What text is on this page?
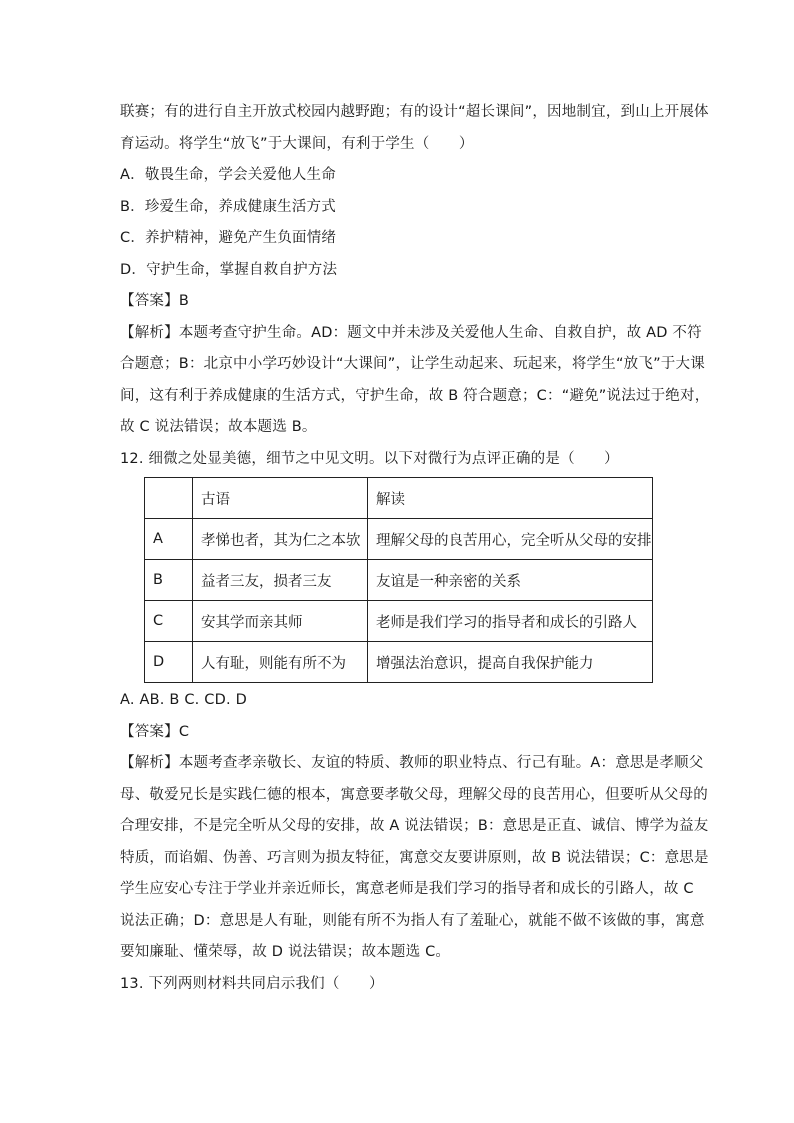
联赛；有的进行自主开放式校园内越野跑；有的设计“超长课间”，因地制宜，到山上开展体
育运动。将学生“放飞”于大课间，有利于学生（　　）
A．敬畏生命，学会关爱他人生命
B．珍爱生命，养成健康生活方式
C．养护精神，避免产生负面情绪
D．守护生命，掌握自救自护方法
【答案】B
【解析】本题考查守护生命。AD：题文中并未涉及关爱他人生命、自救自护，故 AD 不符
合题意；B：北京中小学巧妙设计“大课间”，让学生动起来、玩起来，将学生“放飞”于大课
间，这有利于养成健康的生活方式，守护生命，故 B 符合题意；C：“避免”说法过于绝对，
故 C 说法错误；故本题选 B。
12. 细微之处显美德，细节之中见文明。以下对微行为点评正确的是（　　）
	古语	解读
A	孝悌也者，其为仁之本欤	理解父母的良苦用心，完全听从父母的安排
B	益者三友，损者三友	友谊是一种亲密的关系
C	安其学而亲其师	老师是我们学习的指导者和成长的引路人
D	人有耻，则能有所不为	增强法治意识，提高自我保护能力
A. AB. B C. CD. D
【答案】C
【解析】本题考查孝亲敬长、友谊的特质、教师的职业特点、行己有耻。A：意思是孝顺父
母、敬爱兄长是实践仁德的根本，寓意要孝敬父母，理解父母的良苦用心，但要听从父母的
合理安排，不是完全听从父母的安排，故 A 说法错误；B：意思是正直、诚信、博学为益友
特质，而谄媚、伪善、巧言则为损友特征，寓意交友要讲原则，故 B 说法错误；C：意思是
学生应安心专注于学业并亲近师长，寓意老师是我们学习的指导者和成长的引路人，故 C
说法正确；D：意思是人有耻，则能有所不为指人有了羞耻心，就能不做不该做的事，寓意
要知廉耻、懂荣辱，故 D 说法错误；故本题选 C。
13. 下列两则材料共同启示我们（　　）
